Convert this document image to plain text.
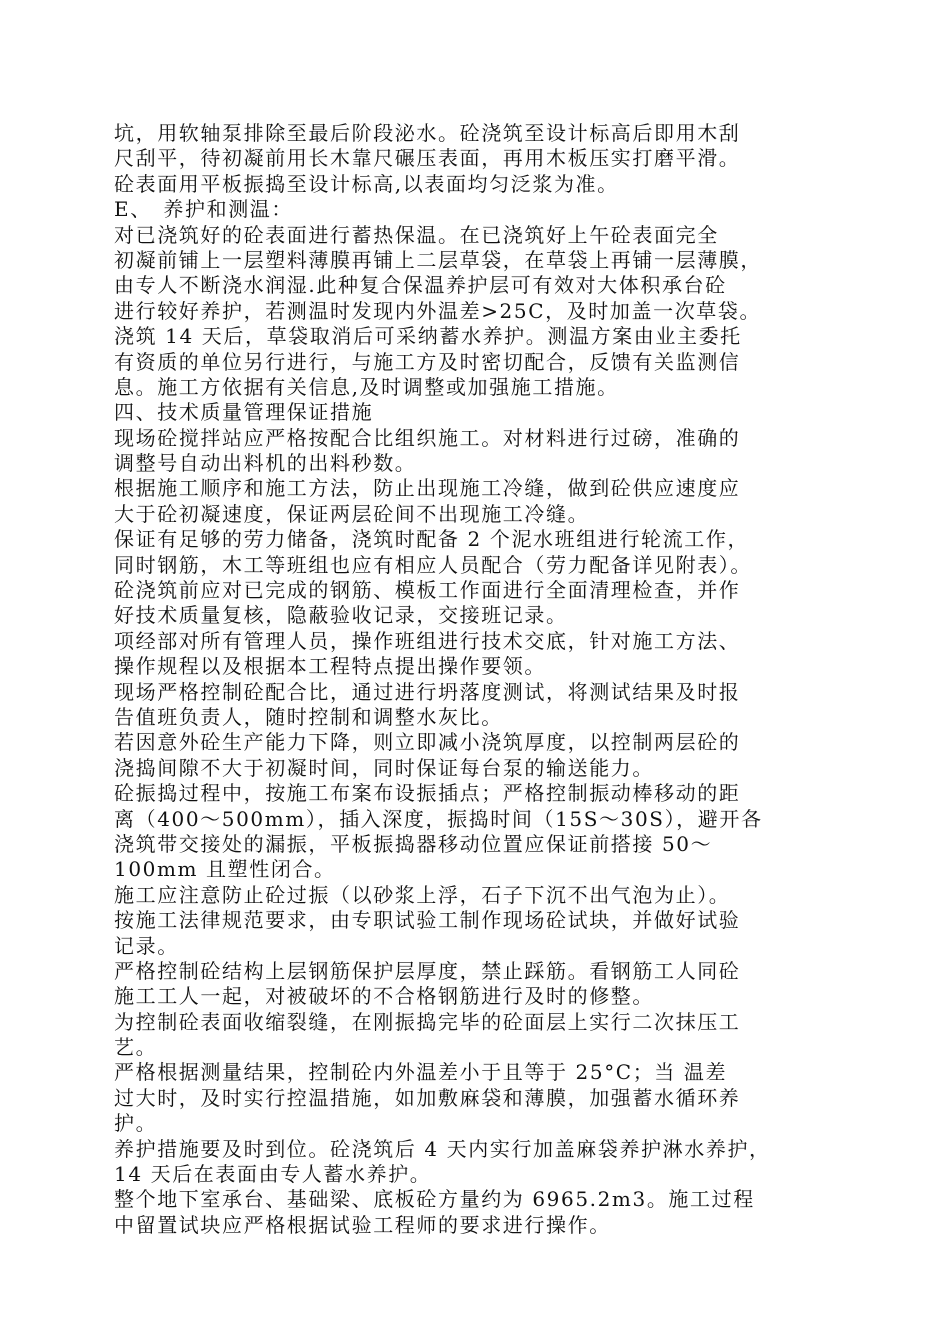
坑，用软轴泵排除至最后阶段泌水。砼浇筑至设计标高后即用木刮
尺刮平，待初凝前用长木靠尺碾压表面，再用木板压实打磨平滑。
砼表面用平板振捣至设计标高,以表面均匀泛浆为准。
E、　养护和测温：
对已浇筑好的砼表面进行蓄热保温。在已浇筑好上午砼表面完全
初凝前铺上一层塑料薄膜再铺上二层草袋，在草袋上再铺一层薄膜，
由专人不断浇水润湿.此种复合保温养护层可有效对大体积承台砼
进行较好养护，若测温时发现内外温差>25C，及时加盖一次草袋。
浇筑 14 天后，草袋取消后可采纳蓄水养护。测温方案由业主委托
有资质的单位另行进行，与施工方及时密切配合，反馈有关监测信
息。施工方依据有关信息,及时调整或加强施工措施。
四、技术质量管理保证措施
现场砼搅拌站应严格按配合比组织施工。对材料进行过磅，准确的
调整号自动出料机的出料秒数。
根据施工顺序和施工方法，防止出现施工冷缝，做到砼供应速度应
大于砼初凝速度，保证两层砼间不出现施工冷缝。
保证有足够的劳力储备，浇筑时配备 2 个泥水班组进行轮流工作，
同时钢筋，木工等班组也应有相应人员配合（劳力配备详见附表）。
砼浇筑前应对已完成的钢筋、模板工作面进行全面清理检查，并作
好技术质量复核，隐蔽验收记录，交接班记录。
项经部对所有管理人员，操作班组进行技术交底，针对施工方法、
操作规程以及根据本工程特点提出操作要领。
现场严格控制砼配合比，通过进行坍落度测试，将测试结果及时报
告值班负责人，随时控制和调整水灰比。
若因意外砼生产能力下降，则立即减小浇筑厚度，以控制两层砼的
浇捣间隙不大于初凝时间，同时保证每台泵的输送能力。
砼振捣过程中，按施工布案布设振插点；严格控制振动棒移动的距
离（400～500mm），插入深度，振捣时间（15S～30S），避开各
浇筑带交接处的漏振，平板振捣器移动位置应保证前搭接 50～
100mm 且塑性闭合。
施工应注意防止砼过振（以砂浆上浮，石子下沉不出气泡为止）。
按施工法律规范要求，由专职试验工制作现场砼试块，并做好试验
记录。
严格控制砼结构上层钢筋保护层厚度，禁止踩筋。看钢筋工人同砼
施工工人一起，对被破坏的不合格钢筋进行及时的修整。
为控制砼表面收缩裂缝，在刚振捣完毕的砼面层上实行二次抹压工
艺。
严格根据测量结果，控制砼内外温差小于且等于 25°C；当 温差
过大时，及时实行控温措施，如加敷麻袋和薄膜，加强蓄水循环养
护。
养护措施要及时到位。砼浇筑后 4 天内实行加盖麻袋养护淋水养护，
14 天后在表面由专人蓄水养护。
整个地下室承台、基础梁、底板砼方量约为 6965.2m3。施工过程
中留置试块应严格根据试验工程师的要求进行操作。
